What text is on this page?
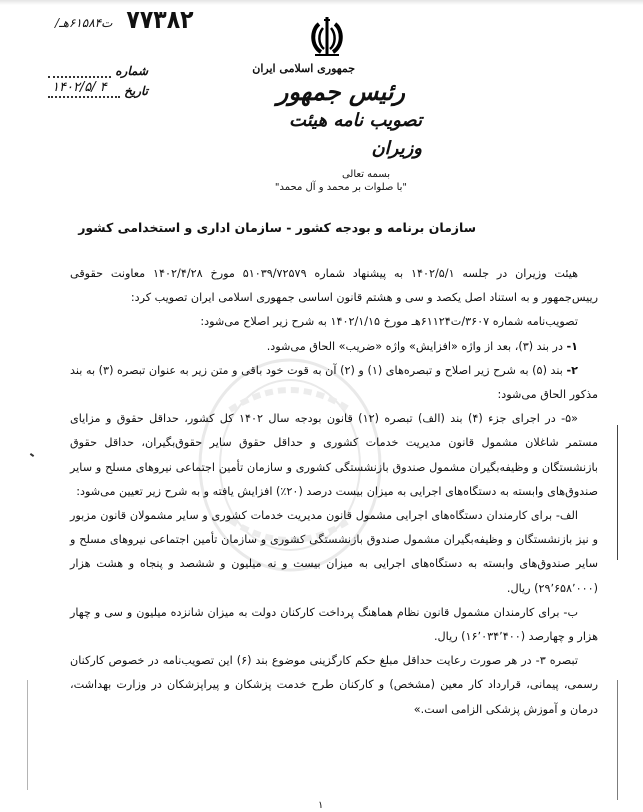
/ت۶۱۵۸۴هـ ۷۷۳۸۲
شماره
تاریخ
۱۴۰۲/۵/ ۴
جمهوری اسلامی ایران
رئیس جمهور
تصویب نامه هیئت وزیران
بسمه تعالی
"با صلوات بر محمد و آل محمد"
سازمان برنامه و بودجه کشور - سازمان اداری و استخدامی کشور

هیئت وزیران در جلسه ۱۴۰۲/۵/۱ به پیشنهاد شماره ۵۱۰۳۹/۷۲۵۷۹ مورخ ۱۴۰۲/۴/۲۸ معاونت حقوقی رییس‌جمهور و به استناد اصل یکصد و سی و هشتم قانون اساسی جمهوری اسلامی ایران تصویب کرد:

تصویب‌نامه شماره ۳۶۰۷/ت۶۱۱۲۴هـ مورخ ۱۴۰۲/۱/۱۵ به شرح زیر اصلاح می‌شود:

۱- در بند (۳)، بعد از واژه «افزایش» واژه «ضریب» الحاق می‌شود.

۲- بند (۵) به شرح زیر اصلاح و تبصره‌های (۱) و (۲) آن به قوت خود باقی و متن زیر به عنوان تبصره (۳) به بند مذکور الحاق می‌شود:

«۵- در اجرای جزء (۴) بند (الف) تبصره (۱۲) قانون بودجه سال ۱۴۰۲ کل کشور، حداقل حقوق و مزایای مستمر شاغلان مشمول قانون مدیریت خدمات کشوری و حداقل حقوق سایر حقوق‌بگیران، حداقل حقوق بازنشستگان و وظیفه‌بگیران مشمول صندوق بازنشستگی کشوری و سازمان تأمین اجتماعی نیروهای مسلح و سایر صندوق‌های وابسته به دستگاه‌های اجرایی به میزان بیست درصد (۲۰٪) افزایش یافته و به شرح زیر تعیین می‌شود:

الف- برای کارمندان دستگاه‌های اجرایی مشمول قانون مدیریت خدمات کشوری و سایر مشمولان قانون مزبور و نیز بازنشستگان و وظیفه‌بگیران مشمول صندوق بازنشستگی کشوری و سازمان تأمین اجتماعی نیروهای مسلح و سایر صندوق‌های وابسته به دستگاه‌های اجرایی به میزان بیست و نه میلیون و ششصد و پنجاه و هشت هزار (۲۹٬۶۵۸٬۰۰۰) ریال.

ب- برای کارمندان مشمول قانون نظام هماهنگ پرداخت کارکنان دولت به میزان شانزده میلیون و سی و چهار هزار و چهارصد (۱۶٬۰۳۴٬۴۰۰) ریال.

تبصره ۳- در هر صورت رعایت حداقل مبلغ حکم کارگزینی موضوع بند (۶) این تصویب‌نامه در خصوص کارکنان رسمی، پیمانی، قرارداد کار معین (مشخص) و کارکنان طرح خدمت پزشکان و پیراپزشکان در وزارت بهداشت، درمان و آموزش پزشکی الزامی است.»

۱
